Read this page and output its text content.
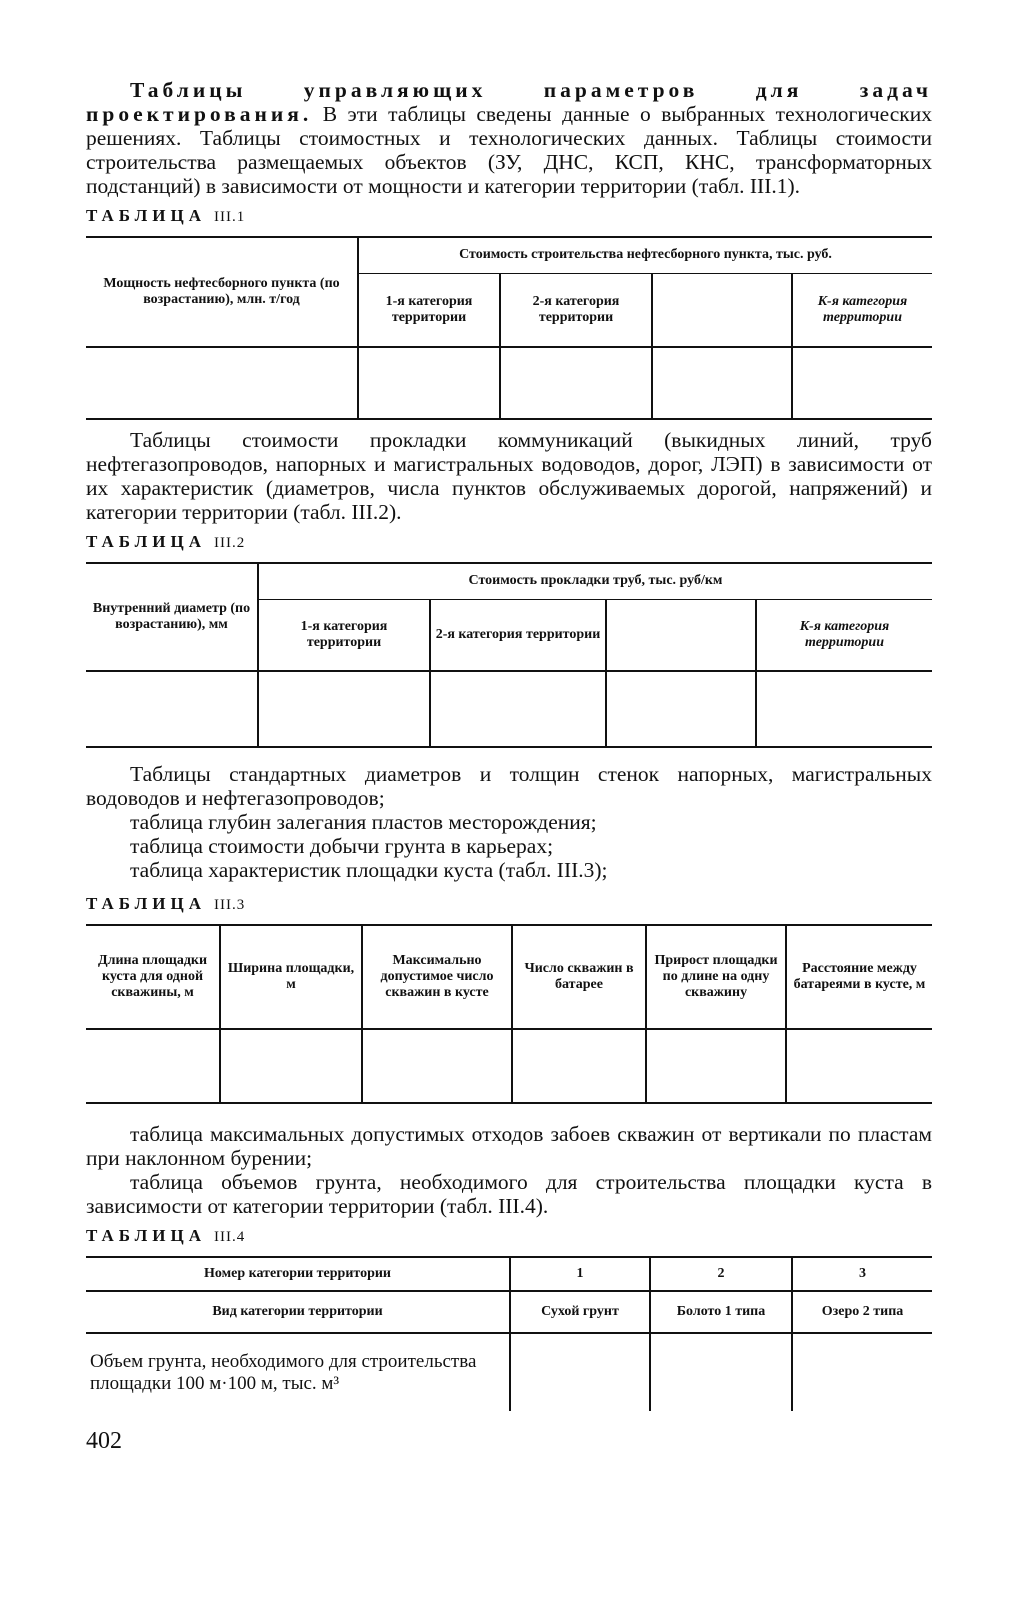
Таблицы управляющих параметров для задач проектирования. В эти таблицы сведены данные о выбранных технологических решениях. Таблицы стоимостных и технологических данных. Таблицы стоимости строительства размещаемых объектов (ЗУ, ДНС, КСП, КНС, трансформаторных подстанций) в зависимости от мощности и категории территории (табл. III.1).

ТАБЛИЦА III.1
Мощность нефтесборного пункта (по возрастанию), млн. т/год	Стоимость строительства нефтесборного пункта, тыс. руб.			
	1-я категория территории	2-я категория территории		K-я категория территории

Таблицы стоимости прокладки коммуникаций (выкидных линий, труб нефтегазопроводов, напорных и магистральных водоводов, дорог, ЛЭП) в зависимости от их характеристик (диаметров, числа пунктов обслуживаемых дорогой, напряжений) и категории территории (табл. III.2).

ТАБЛИЦА III.2
Внутренний диаметр (по возрастанию), мм	Стоимость прокладки труб, тыс. руб/км			
	1-я категория территории	2-я категория территории		K-я категория территории

Таблицы стандартных диаметров и толщин стенок напорных, магистральных водоводов и нефтегазопроводов;

таблица глубин залегания пластов месторождения;

таблица стоимости добычи грунта в карьерах;

таблица характеристик площадки куста (табл. III.3);

ТАБЛИЦА III.3
Длина площадки куста для одной скважины, м	Ширина площадки, м	Максимально допустимое число скважин в кусте	Число скважин в батарее	Прирост площадки по длине на одну скважину	Расстояние между батареями в кусте, м

таблица максимальных допустимых отходов забоев скважин от вертикали по пластам при наклонном бурении;

таблица объемов грунта, необходимого для строительства площадки куста в зависимости от категории территории (табл. III.4).

ТАБЛИЦА III.4
Номер категории территории	1	2	3
Вид категории территории	Сухой грунт	Болото 1 типа	Озеро 2 типа
Объем грунта, необходимого для строительства площадки 100 м·100 м, тыс. м³			
402
